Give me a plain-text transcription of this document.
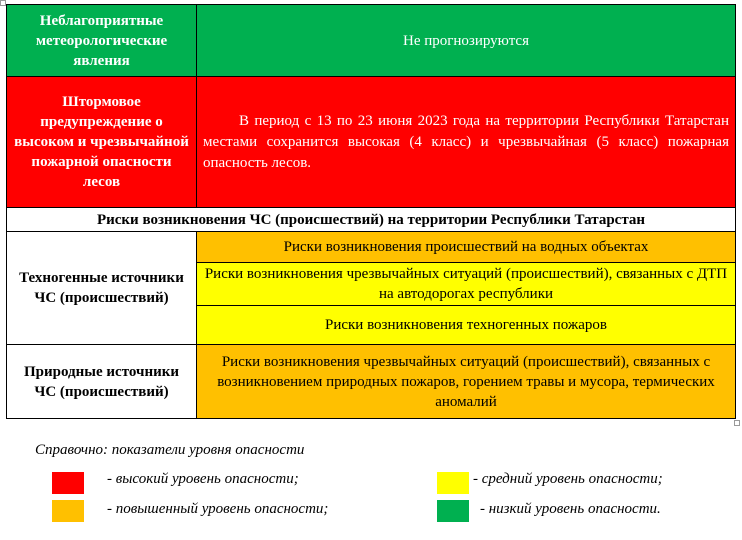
Неблагоприятные метеорологические явления	Не прогнозируются
Штормовое предупреждение о высоком и чрезвычайной пожарной опасности лесов	В период с 13 по 23 июня 2023 года на территории Республики Татарстан местами сохранится высокая (4 класс) и чрезвычайная (5 класс) пожарная опасность лесов.
Риски возникновения ЧС (происшествий) на территории Республики Татарстан	
Техногенные источники ЧС (происшествий)	Риски возникновения происшествий на водных объектах
	Риски возникновения чрезвычайных ситуаций (происшествий), связанных с ДТП на автодорогах республики
	Риски возникновения техногенных пожаров
Природные источники ЧС (происшествий)	Риски возникновения чрезвычайных ситуаций (происшествий), связанных с возникновением природных пожаров, горением травы и мусора, термических аномалий
Справочно: показатели уровня опасности
- высокий уровень опасности;
- повышенный уровень опасности;
- средний уровень опасности;
- низкий уровень опасности.
